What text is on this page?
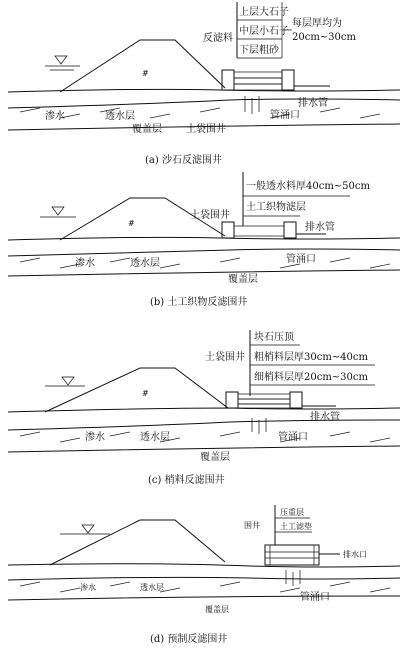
#
上层大石子
中层小石子
下层粗砂
反滤料
每层厚均为
20cm~30cm
排水管
管涌口
土袋围井
覆盖层
渗水	透水层
(a) 沙石反滤围井
#
一般透水料厚40cm~50cm
土工织物滤层
土袋围井
排水管
管涌口
渗水	透水层
覆盖层
(b) 土工织物反滤围井
#
块石压顶
粗梢料层厚30cm~40cm
细梢料层厚20cm~30cm
土袋围井
排水管
管涌口
渗水	透水层
覆盖层
(c) 梢料反滤围井
压重层
土工滤垫
围井
排水口
管涌口
渗水	透水层
覆盖层
(d) 预制反滤围井
